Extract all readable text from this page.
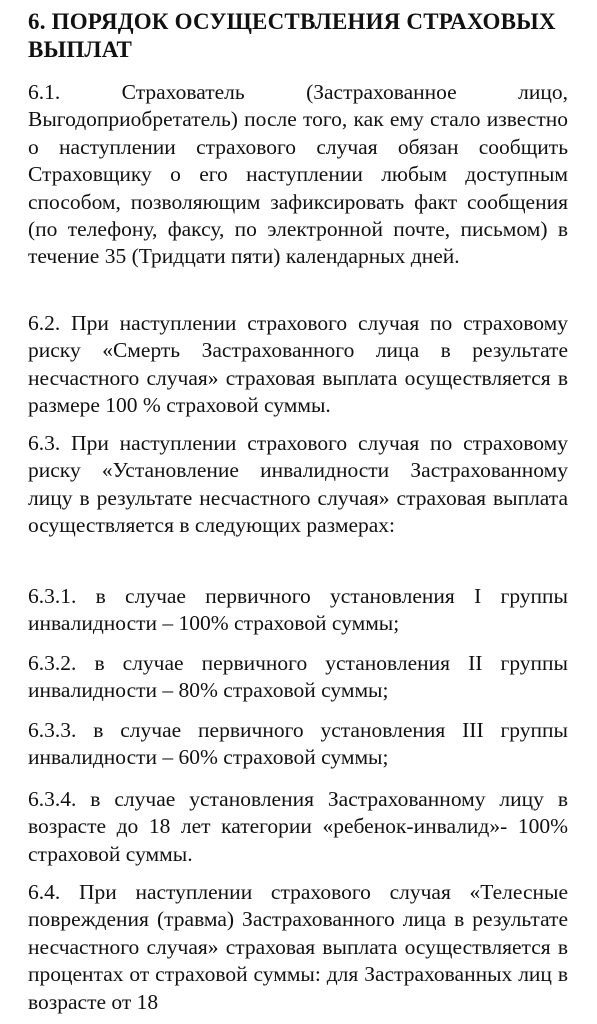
6. ПОРЯДОК ОСУЩЕСТВЛЕНИЯ СТРАХОВЫХ ВЫПЛАТ

6.1. Страхователь (Застрахованное лицо, Выгодоприобретатель) после того, как ему стало известно о наступлении страхового случая обязан сообщить Страховщику о его наступлении любым доступным способом, позволяющим зафиксировать факт сообщения (по телефону, факсу, по электронной почте, письмом) в течение 35 (Тридцати пяти) календарных дней.

6.2. При наступлении страхового случая по страховому риску «Смерть Застрахованного лица в результате несчастного случая» страховая выплата осуществляется в размере 100 % страховой суммы.

6.3. При наступлении страхового случая по страховому риску «Установление инвалидности Застрахованному лицу в результате несчастного случая» страховая выплата осуществляется в следующих размерах:

6.3.1. в случае первичного установления I группы инвалидности – 100% страховой суммы;

6.3.2. в случае первичного установления II группы инвалидности – 80% страховой суммы;

6.3.3. в случае первичного установления III группы инвалидности – 60% страховой суммы;

6.3.4. в случае установления Застрахованному лицу в возрасте до 18 лет категории «ребенок-инвалид»- 100% страховой суммы.

6.4. При наступлении страхового случая «Телесные повреждения (травма) Застрахованного лица в результате несчастного случая» страховая выплата осуществляется в процентах от страховой суммы: для Застрахованных лиц в возрасте от 18
